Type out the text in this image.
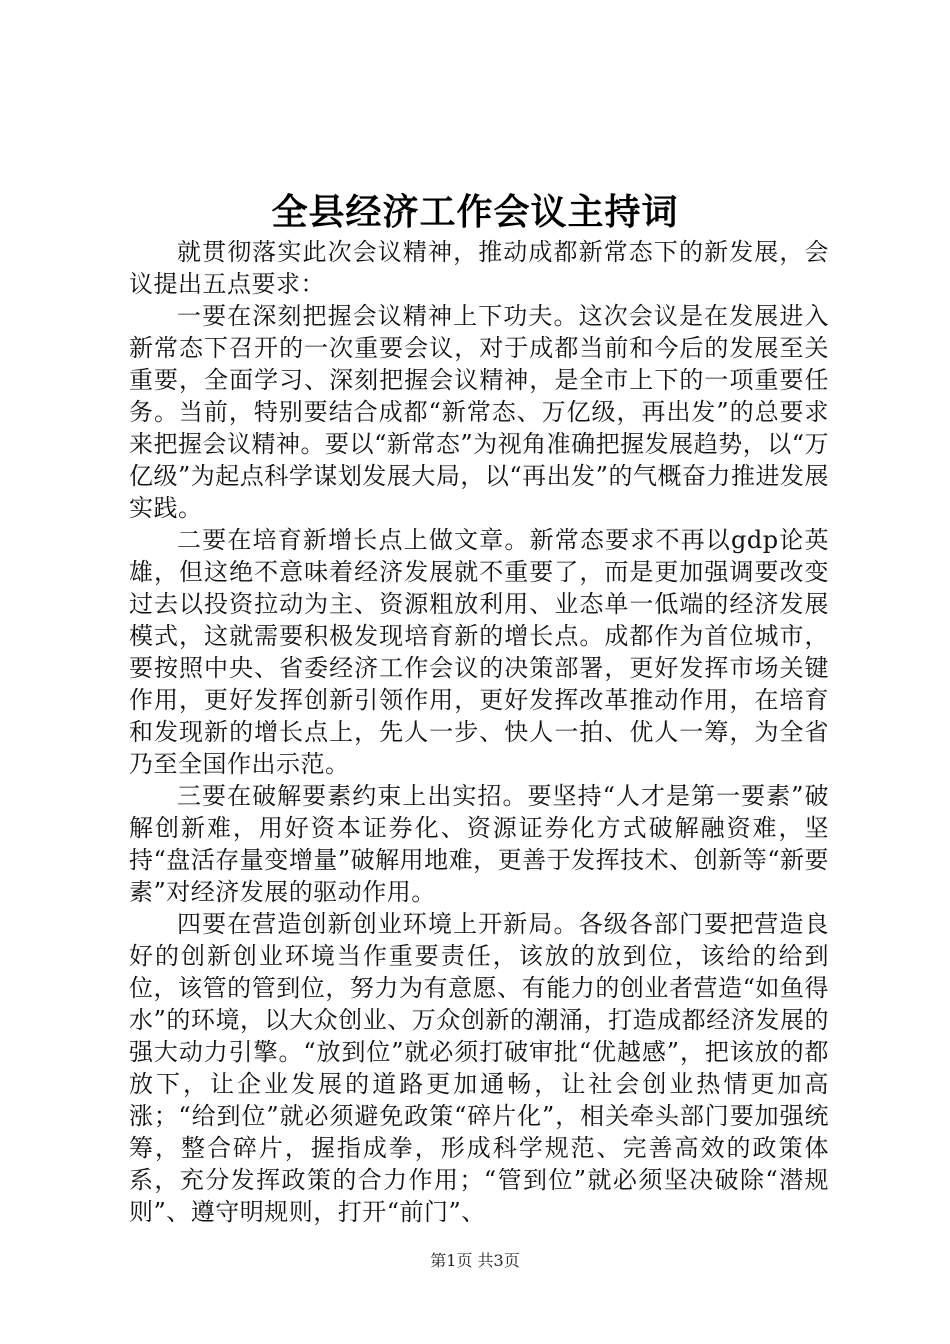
全县经济工作会议主持词

就贯彻落实此次会议精神，推动成都新常态下的新发展，会议提出五点要求：

一要在深刻把握会议精神上下功夫。这次会议是在发展进入新常态下召开的一次重要会议，对于成都当前和今后的发展至关重要，全面学习、深刻把握会议精神，是全市上下的一项重要任务。当前，特别要结合成都“新常态、万亿级，再出发”的总要求来把握会议精神。要以“新常态”为视角准确把握发展趋势，以“万亿级”为起点科学谋划发展大局，以“再出发”的气概奋力推进发展实践。

二要在培育新增长点上做文章。新常态要求不再以gdp论英雄，但这绝不意味着经济发展就不重要了，而是更加强调要改变过去以投资拉动为主、资源粗放利用、业态单一低端的经济发展模式，这就需要积极发现培育新的增长点。成都作为首位城市，要按照中央、省委经济工作会议的决策部署，更好发挥市场关键作用，更好发挥创新引领作用，更好发挥改革推动作用，在培育和发现新的增长点上，先人一步、快人一拍、优人一筹，为全省乃至全国作出示范。

三要在破解要素约束上出实招。要坚持“人才是第一要素”破解创新难，用好资本证券化、资源证券化方式破解融资难，坚持“盘活存量变增量”破解用地难，更善于发挥技术、创新等“新要素”对经济发展的驱动作用。

四要在营造创新创业环境上开新局。各级各部门要把营造良好的创新创业环境当作重要责任，该放的放到位，该给的给到位，该管的管到位，努力为有意愿、有能力的创业者营造“如鱼得水”的环境，以大众创业、万众创新的潮涌，打造成都经济发展的强大动力引擎。“放到位”就必须打破审批“优越感”，把该放的都放下，让企业发展的道路更加通畅，让社会创业热情更加高涨；“给到位”就必须避免政策“碎片化”，相关牵头部门要加强统筹，整合碎片，握指成拳，形成科学规范、完善高效的政策体系，充分发挥政策的合力作用；“管到位”就必须坚决破除“潜规则”、遵守明规则，打开“前门”、

第1页 共3页
